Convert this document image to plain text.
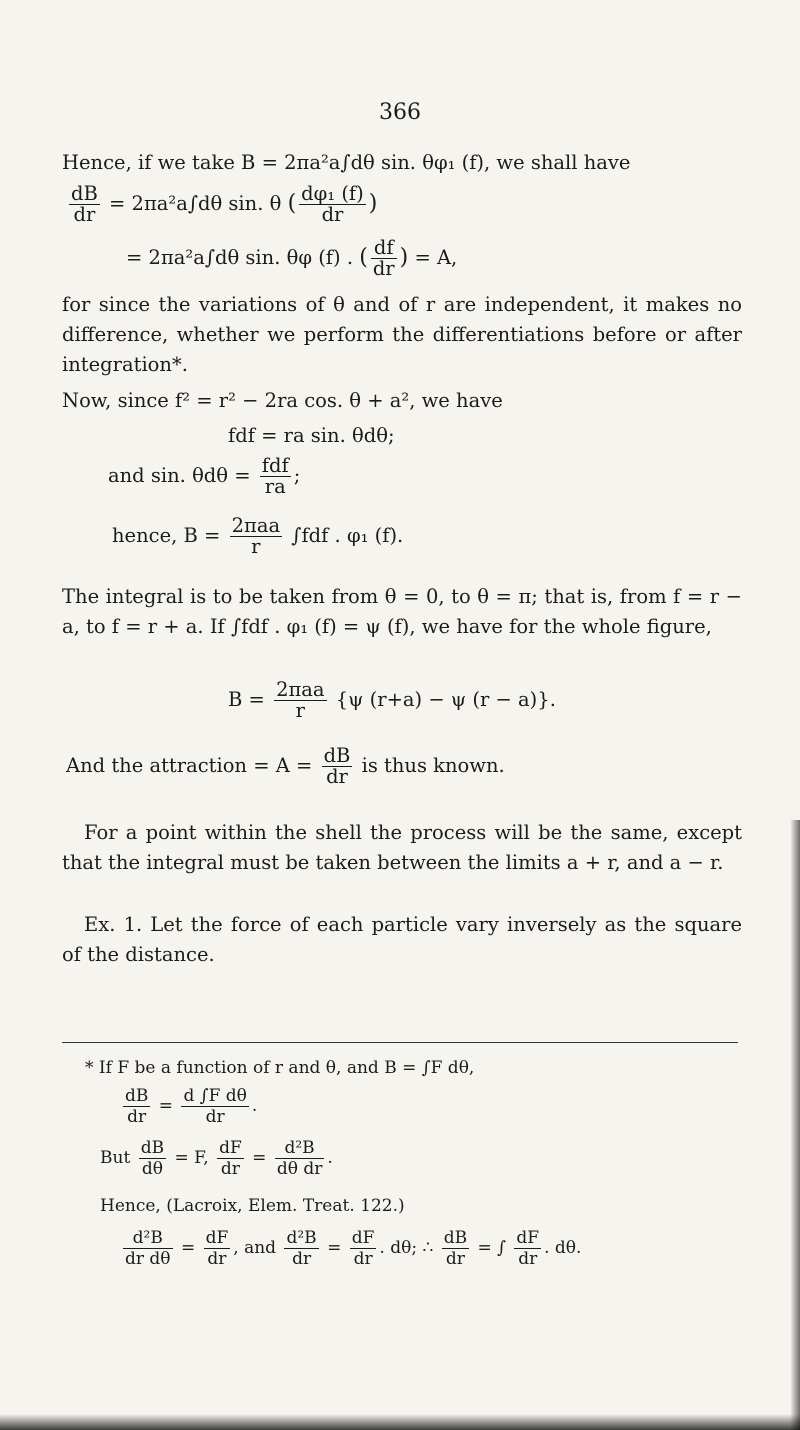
366
Hence, if we take B = 2πa²a∫dθ sin. θφ₁ (f), we shall have
$\frac{dB}{dr} = 2\pi a^2a\int d\theta$ sin. θ ( $\frac{\text{dφ₁ (f)}}{dr}$ )
= 2πa²a∫dθ sin. θφ (f) . ( $\frac{df}{dr}$ ) = A,
for since the variations of θ and of r are independent, it makes no difference, whether we perform the differentiations before or after integration*.
Now, since f² = r² − 2ra cos. θ + a², we have
fdf = ra sin. θdθ;
and sin. $\theta d\theta = \frac{\text{fdf}}{ra}$ ;
hence, $B = \frac{\text{2πaa}}{r} \int fdf$ . φ₁ (f).
The integral is to be taken from θ = 0, to θ = π; that is, from f = r − a, to f = r + a. If ∫fdf . φ₁ (f) = ψ (f), we have for the whole figure,
$B = \frac{\text{2πaa}}{r} \{\psi$ (r+a) − ψ (r − a)}.
And the attraction = $A = \frac{dB}{dr}$ is thus known.
For a point within the shell the process will be the same, except that the integral must be taken between the limits a + r, and a − r.
Ex. 1. Let the force of each particle vary inversely as the square of the distance.
* If F be a function of r and θ, and B = ∫F dθ,
$\frac{dB}{dr} = \frac{\text{d ∫F dθ}}{dr}$ .
But $\frac{dB}{d\theta} = F$, $\frac{dF}{dr} = \frac{\text{d²B}}{\text{dθ dr}}$ .
Hence, (Lacroix, Elem. Treat. 122.)
$\frac{\text{d²B}}{\text{dr dθ}} = \frac{dF}{dr}$ , and $\frac{\text{d²B}}{dr} = \frac{dF}{dr}$ . dθ; ∴ $\frac{dB}{dr}$ = ∫ $\frac{dF}{dr}$ . dθ.
